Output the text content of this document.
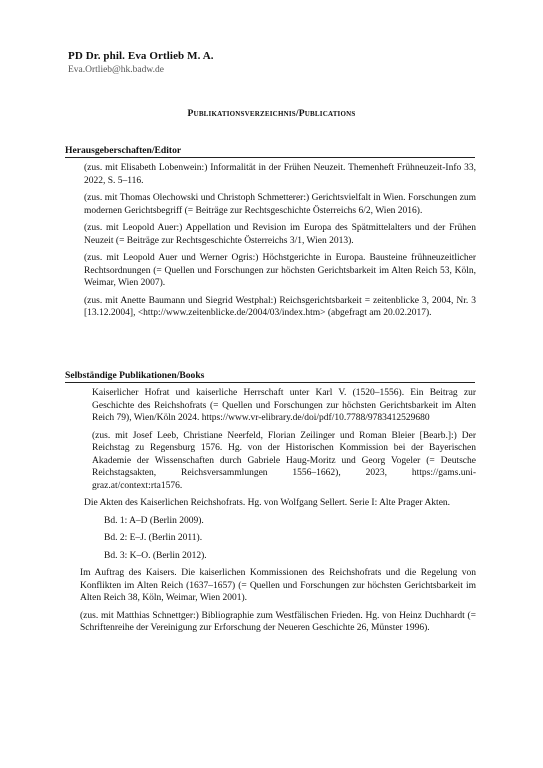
PD Dr. phil. Eva Ortlieb M. A.
Eva.Ortlieb@hk.badw.de
Publikationsverzeichnis/Publications
Herausgeberschaften/Editor

(zus. mit Elisabeth Lobenwein:) Informalität in der Frühen Neuzeit. Themenheft Frühneuzeit-Info 33, 2022, S. 5–116.

(zus. mit Thomas Olechowski und Christoph Schmetterer:) Gerichtsvielfalt in Wien. Forschungen zum modernen Gerichtsbegriff (= Beiträge zur Rechtsgeschichte Österreichs 6/2, Wien 2016).

(zus. mit Leopold Auer:) Appellation und Revision im Europa des Spätmittelalters und der Frühen Neuzeit (= Beiträge zur Rechtsgeschichte Österreichs 3/1, Wien 2013).

(zus. mit Leopold Auer und Werner Ogris:) Höchstgerichte in Europa. Bausteine frühneuzeitlicher Rechtsordnungen (= Quellen und Forschungen zur höchsten Gerichtsbarkeit im Alten Reich 53, Köln, Weimar, Wien 2007).

(zus. mit Anette Baumann und Siegrid Westphal:) Reichsgerichtsbarkeit = zeitenblicke 3, 2004, Nr. 3 [13.12.2004], <http://www.zeitenblicke.de/2004/03/index.htm> (abgefragt am 20.02.2017).

Selbständige Publikationen/Books

Kaiserlicher Hofrat und kaiserliche Herrschaft unter Karl V. (1520–1556). Ein Beitrag zur Geschichte des Reichshofrats (= Quellen und Forschungen zur höchsten Gerichtsbarkeit im Alten Reich 79), Wien/Köln 2024. https://www.vr-elibrary.de/doi/pdf/10.7788/9783412529680

(zus. mit Josef Leeb, Christiane Neerfeld, Florian Zeilinger und Roman Bleier [Bearb.]:) Der Reichstag zu Regensburg 1576. Hg. von der Historischen Kommission bei der Bayerischen Akademie der Wissenschaften durch Gabriele Haug-Moritz und Georg Vogeler (= Deutsche Reichstagsakten, Reichsversammlungen 1556–1662), 2023, https://gams.uni-graz.at/context:rta1576.

Die Akten des Kaiserlichen Reichshofrats. Hg. von Wolfgang Sellert. Serie I: Alte Prager Akten.

Bd. 1: A–D (Berlin 2009).

Bd. 2: E–J. (Berlin 2011).

Bd. 3: K–O. (Berlin 2012).

Im Auftrag des Kaisers. Die kaiserlichen Kommissionen des Reichshofrats und die Regelung von Konflikten im Alten Reich (1637–1657) (= Quellen und Forschungen zur höchsten Gerichtsbarkeit im Alten Reich 38, Köln, Weimar, Wien 2001).

(zus. mit Matthias Schnettger:) Bibliographie zum Westfälischen Frieden. Hg. von Heinz Duchhardt (= Schriftenreihe der Vereinigung zur Erforschung der Neueren Geschichte 26, Münster 1996).
